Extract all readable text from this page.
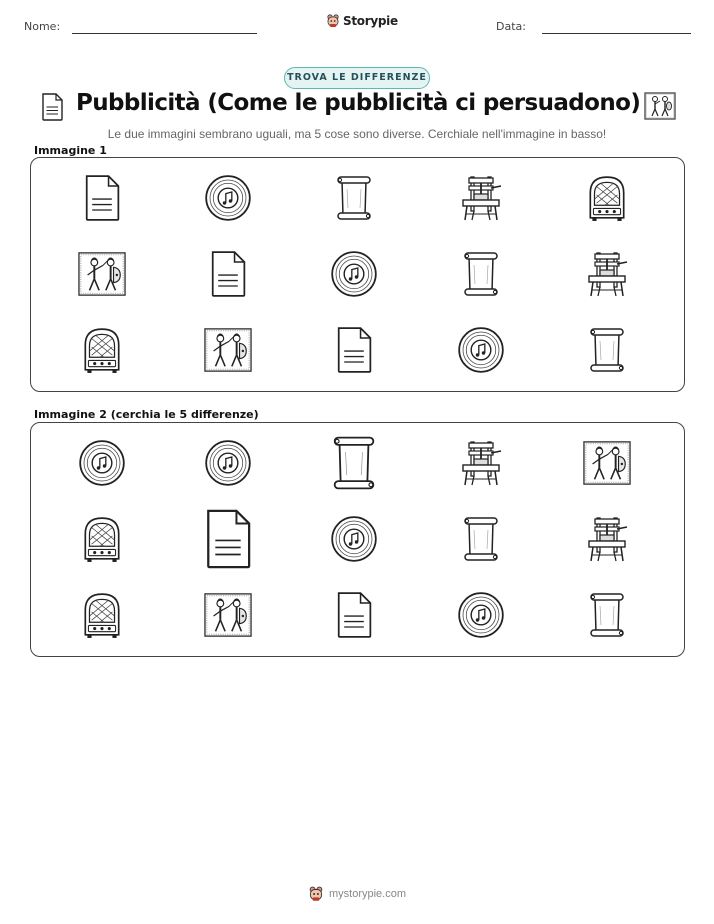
Nome:	Storypie	Data:
TROVA LE DIFFERENZE
Pubblicità (Come le pubblicità ci persuadono)
Le due immagini sembrano uguali, ma 5 cose sono diverse. Cerchiale nell'immagine in basso!
Immagine 1
Immagine 2 (cerchia le 5 differenze)
mystorypie.com
